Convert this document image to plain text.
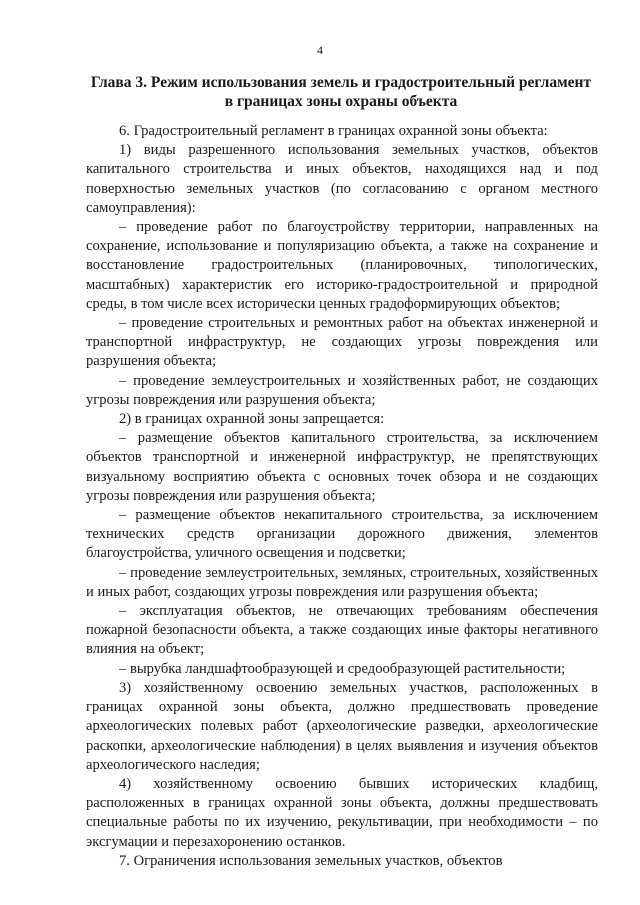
4
Глава 3. Режим использования земель и градостроительный регламент в границах зоны охраны объекта

6. Градостроительный регламент в границах охранной зоны объекта:

1) виды разрешенного использования земельных участков, объектов капитального строительства и иных объектов, находящихся над и под поверхностью земельных участков (по согласованию с органом местного самоуправления):

– проведение работ по благоустройству территории, направленных на сохранение, использование и популяризацию объекта, а также на сохранение и восстановление градостроительных (планировочных, типологических, масштабных) характеристик его историко-градостроительной и природной среды, в том числе всех исторически ценных градоформирующих объектов;

– проведение строительных и ремонтных работ на объектах инженерной и транспортной инфраструктур, не создающих угрозы повреждения или разрушения объекта;

– проведение землеустроительных и хозяйственных работ, не создающих угрозы повреждения или разрушения объекта;

2) в границах охранной зоны запрещается:

– размещение объектов капитального строительства, за исключением объектов транспортной и инженерной инфраструктур, не препятствующих визуальному восприятию объекта с основных точек обзора и не создающих угрозы повреждения или разрушения объекта;

– размещение объектов некапитального строительства, за исключением технических средств организации дорожного движения, элементов благоустройства, уличного освещения и подсветки;

– проведение землеустроительных, земляных, строительных, хозяйственных и иных работ, создающих угрозы повреждения или разрушения объекта;

– эксплуатация объектов, не отвечающих требованиям обеспечения пожарной безопасности объекта, а также создающих иные факторы негативного влияния на объект;

– вырубка ландшафтообразующей и средообразующей растительности;

3) хозяйственному освоению земельных участков, расположенных в границах охранной зоны объекта, должно предшествовать проведение археологических полевых работ (археологические разведки, археологические раскопки, археологические наблюдения) в целях выявления и изучения объектов археологического наследия;

4) хозяйственному освоению бывших исторических кладбищ, расположенных в границах охранной зоны объекта, должны предшествовать специальные работы по их изучению, рекультивации, при необходимости – по эксгумации и перезахоронению останков.

7. Ограничения использования земельных участков, объектов
